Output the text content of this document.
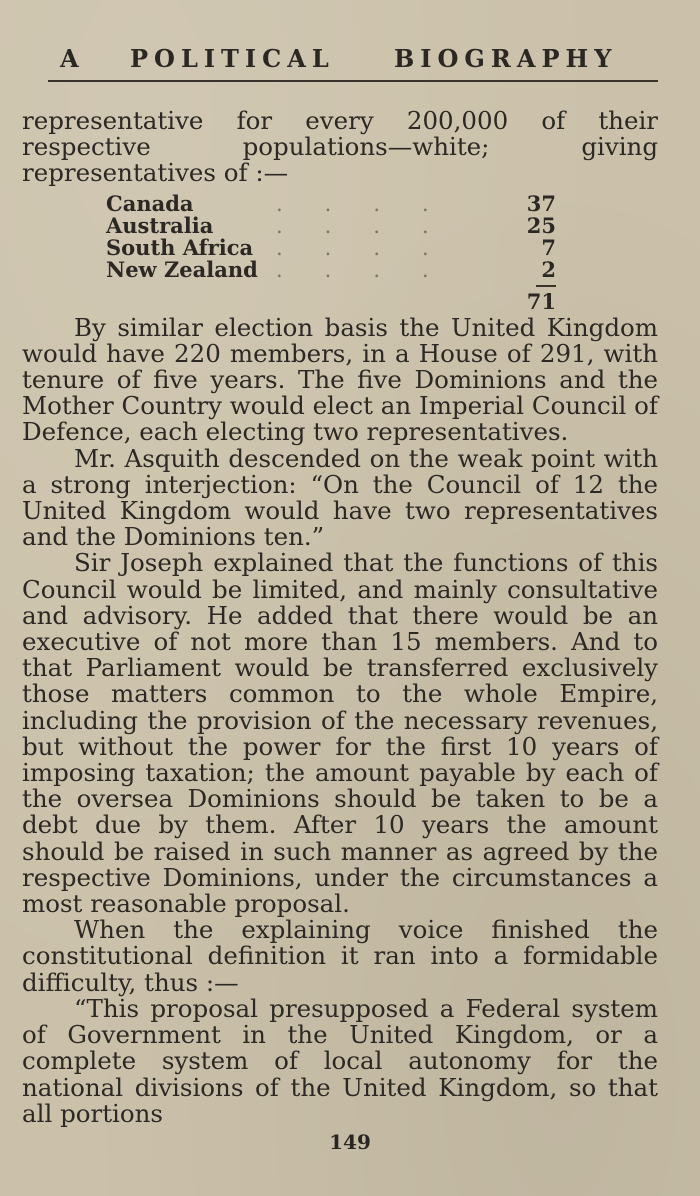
A POLITICAL BIOGRAPHY

representative for every 200,000 of their respective populations—white; giving representatives of :—

Canada	....	37
Australia	....	25
South Africa ....	7
New Zealand ....	2
71

By similar election basis the United Kingdom would have 220 members, in a House of 291, with tenure of five years. The five Dominions and the Mother Country would elect an Imperial Council of Defence, each electing two representatives.

Mr. Asquith descended on the weak point with a strong interjection: “On the Council of 12 the United Kingdom would have two representatives and the Dominions ten.”

Sir Joseph explained that the functions of this Council would be limited, and mainly consultative and advisory. He added that there would be an executive of not more than 15 members. And to that Parliament would be transferred exclusively those matters common to the whole Empire, including the provision of the necessary revenues, but without the power for the first 10 years of imposing taxation; the amount payable by each of the oversea Dominions should be taken to be a debt due by them. After 10 years the amount should be raised in such manner as agreed by the respective Dominions, under the circumstances a most reasonable proposal.

When the explaining voice finished the constitutional definition it ran into a formidable difficulty, thus :—

“This proposal presupposed a Federal system of Government in the United Kingdom, or a complete system of local autonomy for the national divisions of the United Kingdom, so that all portions

149
